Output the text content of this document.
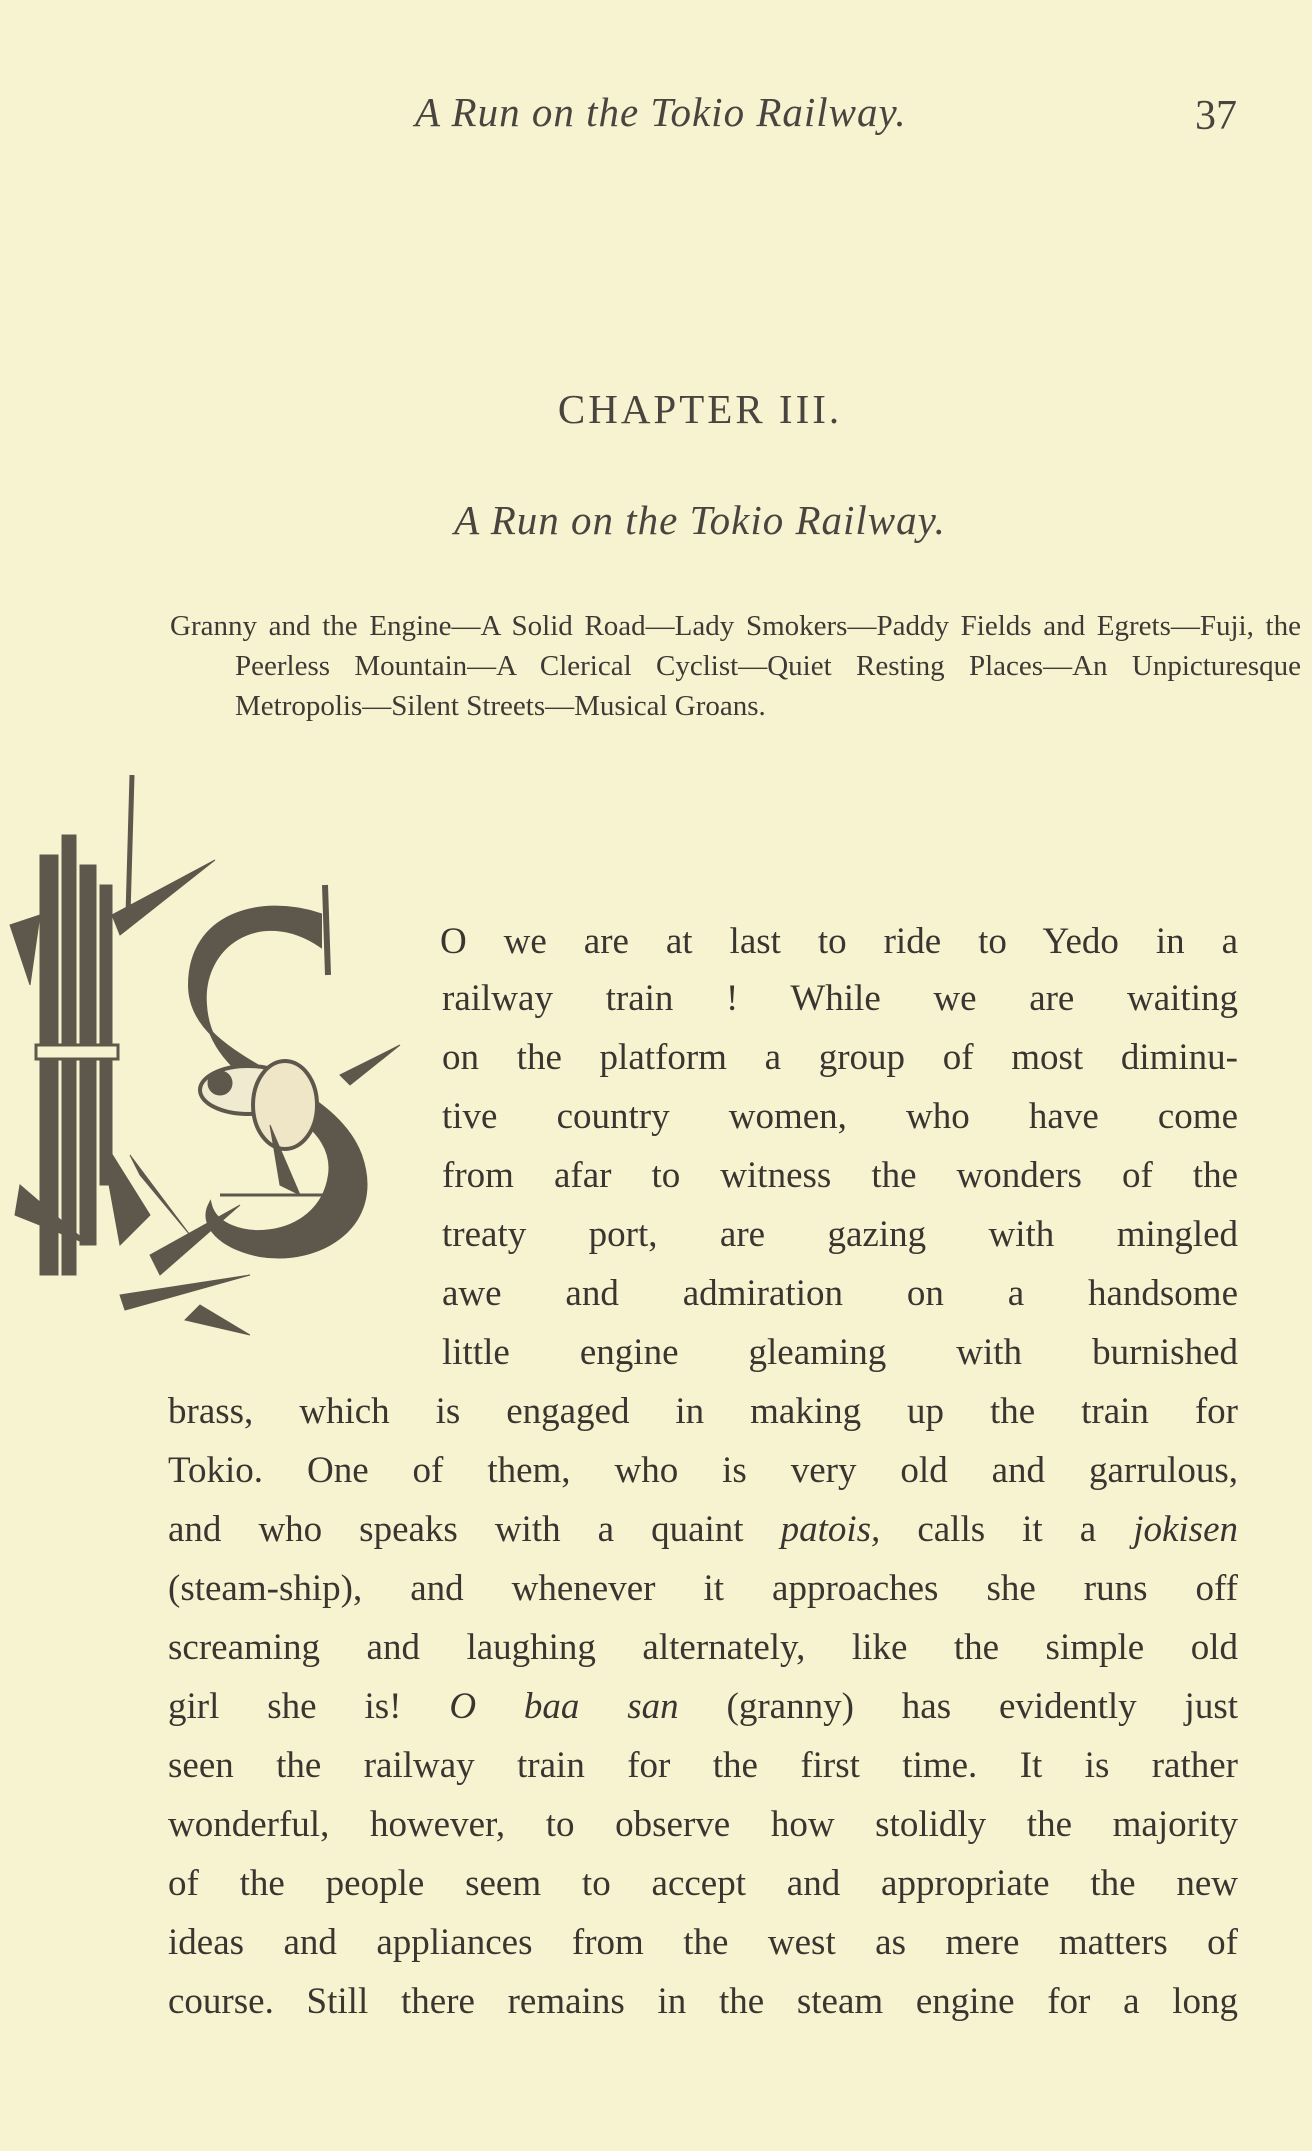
A Run on the Tokio Railway.	37
CHAPTER III.
A Run on the Tokio Railway.
Granny and the Engine—A Solid Road—Lady Smokers—Paddy Fields and Egrets—Fuji, the Peerless Mountain—A Clerical Cyclist—Quiet Resting Places—An Unpicturesque Metropolis—Silent Streets—Musical Groans.
O we are at last to ride to Yedo in a
railway train ! While we are waiting
on the platform a group of most diminu-
tive country women, who have come
from afar to witness the wonders of the
treaty port, are gazing with mingled
awe and admiration on a handsome
little engine gleaming with burnished
brass, which is engaged in making up the train for
Tokio. One of them, who is very old and garrulous,
and who speaks with a quaint patois, calls it a jokisen
(steam-ship), and whenever it approaches she runs off
screaming and laughing alternately, like the simple old
girl she is! O baa san (granny) has evidently just
seen the railway train for the first time. It is rather
wonderful, however, to observe how stolidly the majority
of the people seem to accept and appropriate the new
ideas and appliances from the west as mere matters of
course. Still there remains in the steam engine for a long
